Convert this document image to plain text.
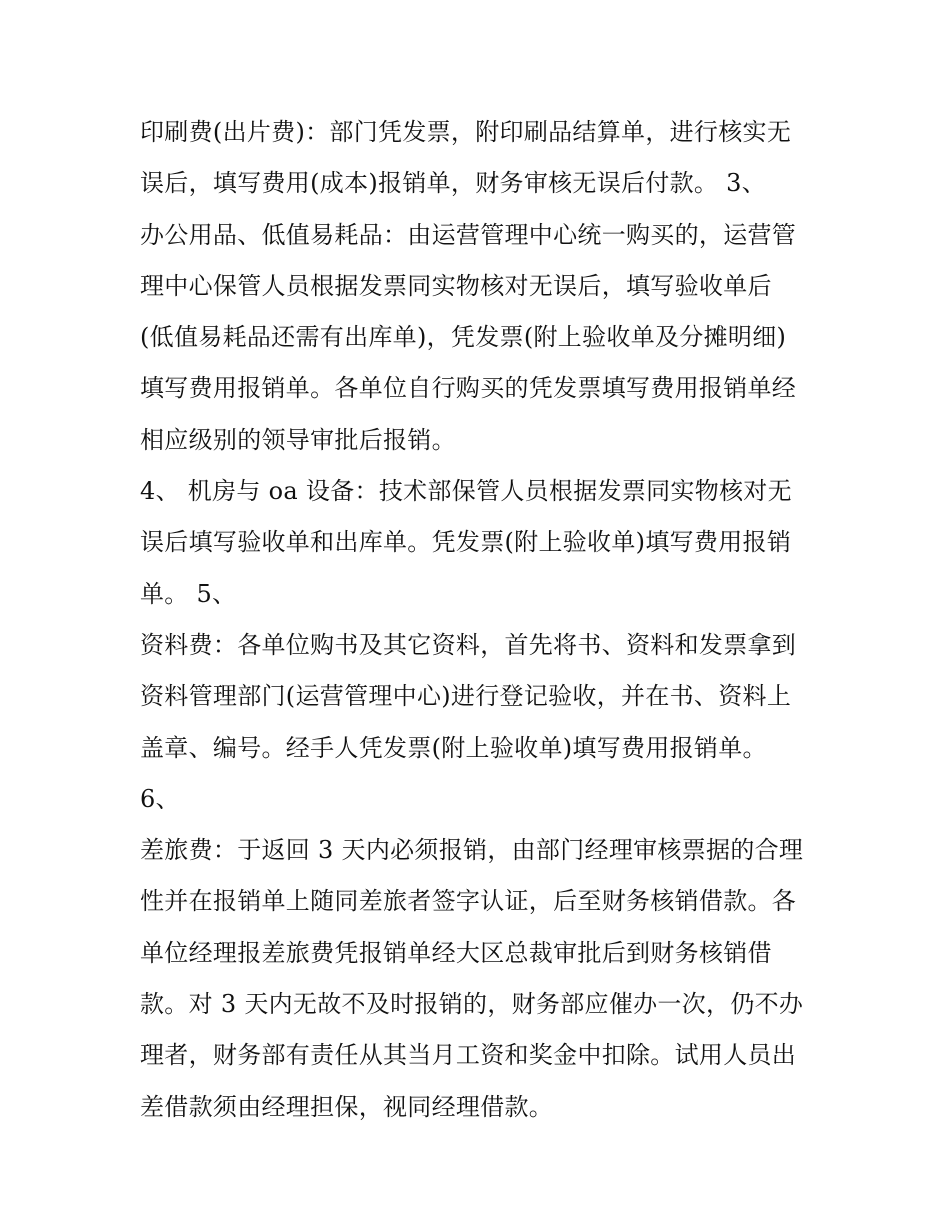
印刷费(出片费)：部门凭发票，附印刷品结算单，进行核实无
误后，填写费用(成本)报销单，财务审核无误后付款。 3、
办公用品、低值易耗品：由运营管理中心统一购买的，运营管
理中心保管人员根据发票同实物核对无误后，填写验收单后
(低值易耗品还需有出库单)，凭发票(附上验收单及分摊明细)
填写费用报销单。各单位自行购买的凭发票填写费用报销单经
相应级别的领导审批后报销。
4、 机房与 oa 设备：技术部保管人员根据发票同实物核对无
误后填写验收单和出库单。凭发票(附上验收单)填写费用报销
单。 5、
资料费：各单位购书及其它资料，首先将书、资料和发票拿到
资料管理部门(运营管理中心)进行登记验收，并在书、资料上
盖章、编号。经手人凭发票(附上验收单)填写费用报销单。
6、
差旅费：于返回 3 天内必须报销，由部门经理审核票据的合理
性并在报销单上随同差旅者签字认证，后至财务核销借款。各
单位经理报差旅费凭报销单经大区总裁审批后到财务核销借
款。对 3 天内无故不及时报销的，财务部应催办一次，仍不办
理者，财务部有责任从其当月工资和奖金中扣除。试用人员出
差借款须由经理担保，视同经理借款。
